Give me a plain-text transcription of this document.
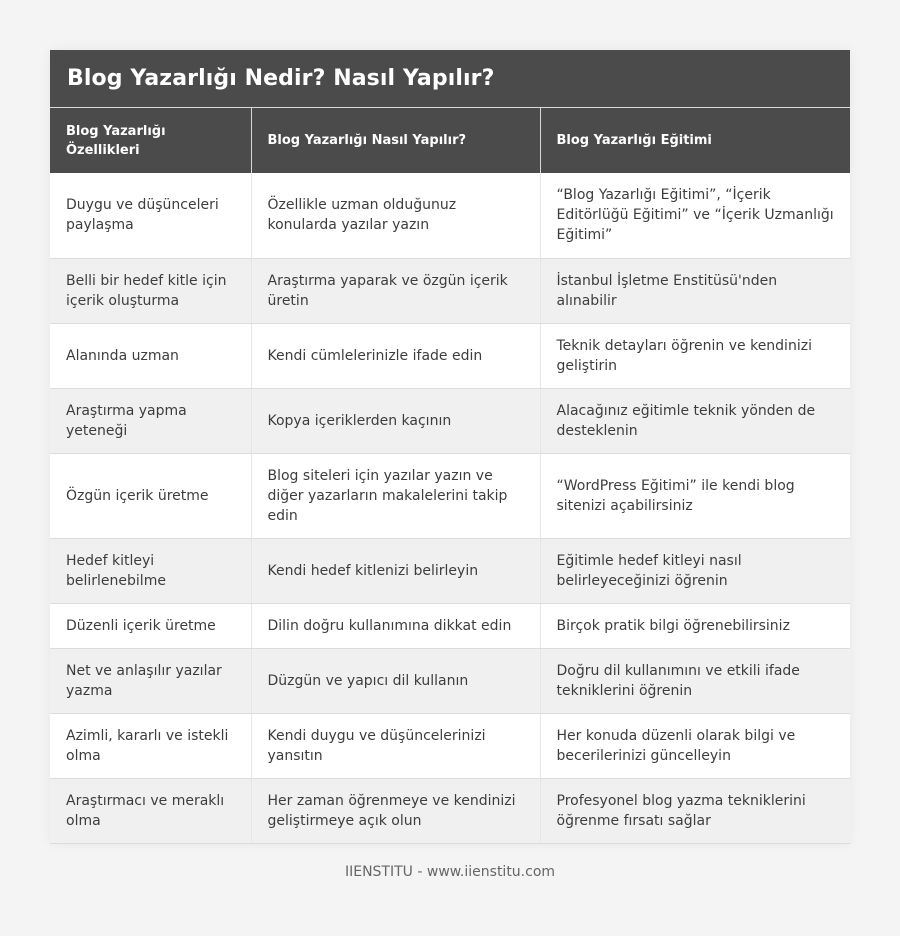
Blog Yazarlığı Nedir? Nasıl Yapılır?
Blog Yazarlığı Özellikleri	Blog Yazarlığı Nasıl Yapılır?	Blog Yazarlığı Eğitimi
Duygu ve düşünceleri paylaşma	Özellikle uzman olduğunuz konularda yazılar yazın	“Blog Yazarlığı Eğitimi”, “İçerik Editörlüğü Eğitimi” ve “İçerik Uzmanlığı Eğitimi”
Belli bir hedef kitle için içerik oluşturma	Araştırma yaparak ve özgün içerik üretin	İstanbul İşletme Enstitüsü'nden alınabilir
Alanında uzman	Kendi cümlelerinizle ifade edin	Teknik detayları öğrenin ve kendinizi geliştirin
Araştırma yapma yeteneği	Kopya içeriklerden kaçının	Alacağınız eğitimle teknik yönden de desteklenin
Özgün içerik üretme	Blog siteleri için yazılar yazın ve diğer yazarların makalelerini takip edin	“WordPress Eğitimi” ile kendi blog sitenizi açabilirsiniz
Hedef kitleyi belirlenebilme	Kendi hedef kitlenizi belirleyin	Eğitimle hedef kitleyi nasıl belirleyeceğinizi öğrenin
Düzenli içerik üretme	Dilin doğru kullanımına dikkat edin	Birçok pratik bilgi öğrenebilirsiniz
Net ve anlaşılır yazılar yazma	Düzgün ve yapıcı dil kullanın	Doğru dil kullanımını ve etkili ifade tekniklerini öğrenin
Azimli, kararlı ve istekli olma	Kendi duygu ve düşüncelerinizi yansıtın	Her konuda düzenli olarak bilgi ve becerilerinizi güncelleyin
Araştırmacı ve meraklı olma	Her zaman öğrenmeye ve kendinizi geliştirmeye açık olun	Profesyonel blog yazma tekniklerini öğrenme fırsatı sağlar
IIENSTITU - www.iienstitu.com
